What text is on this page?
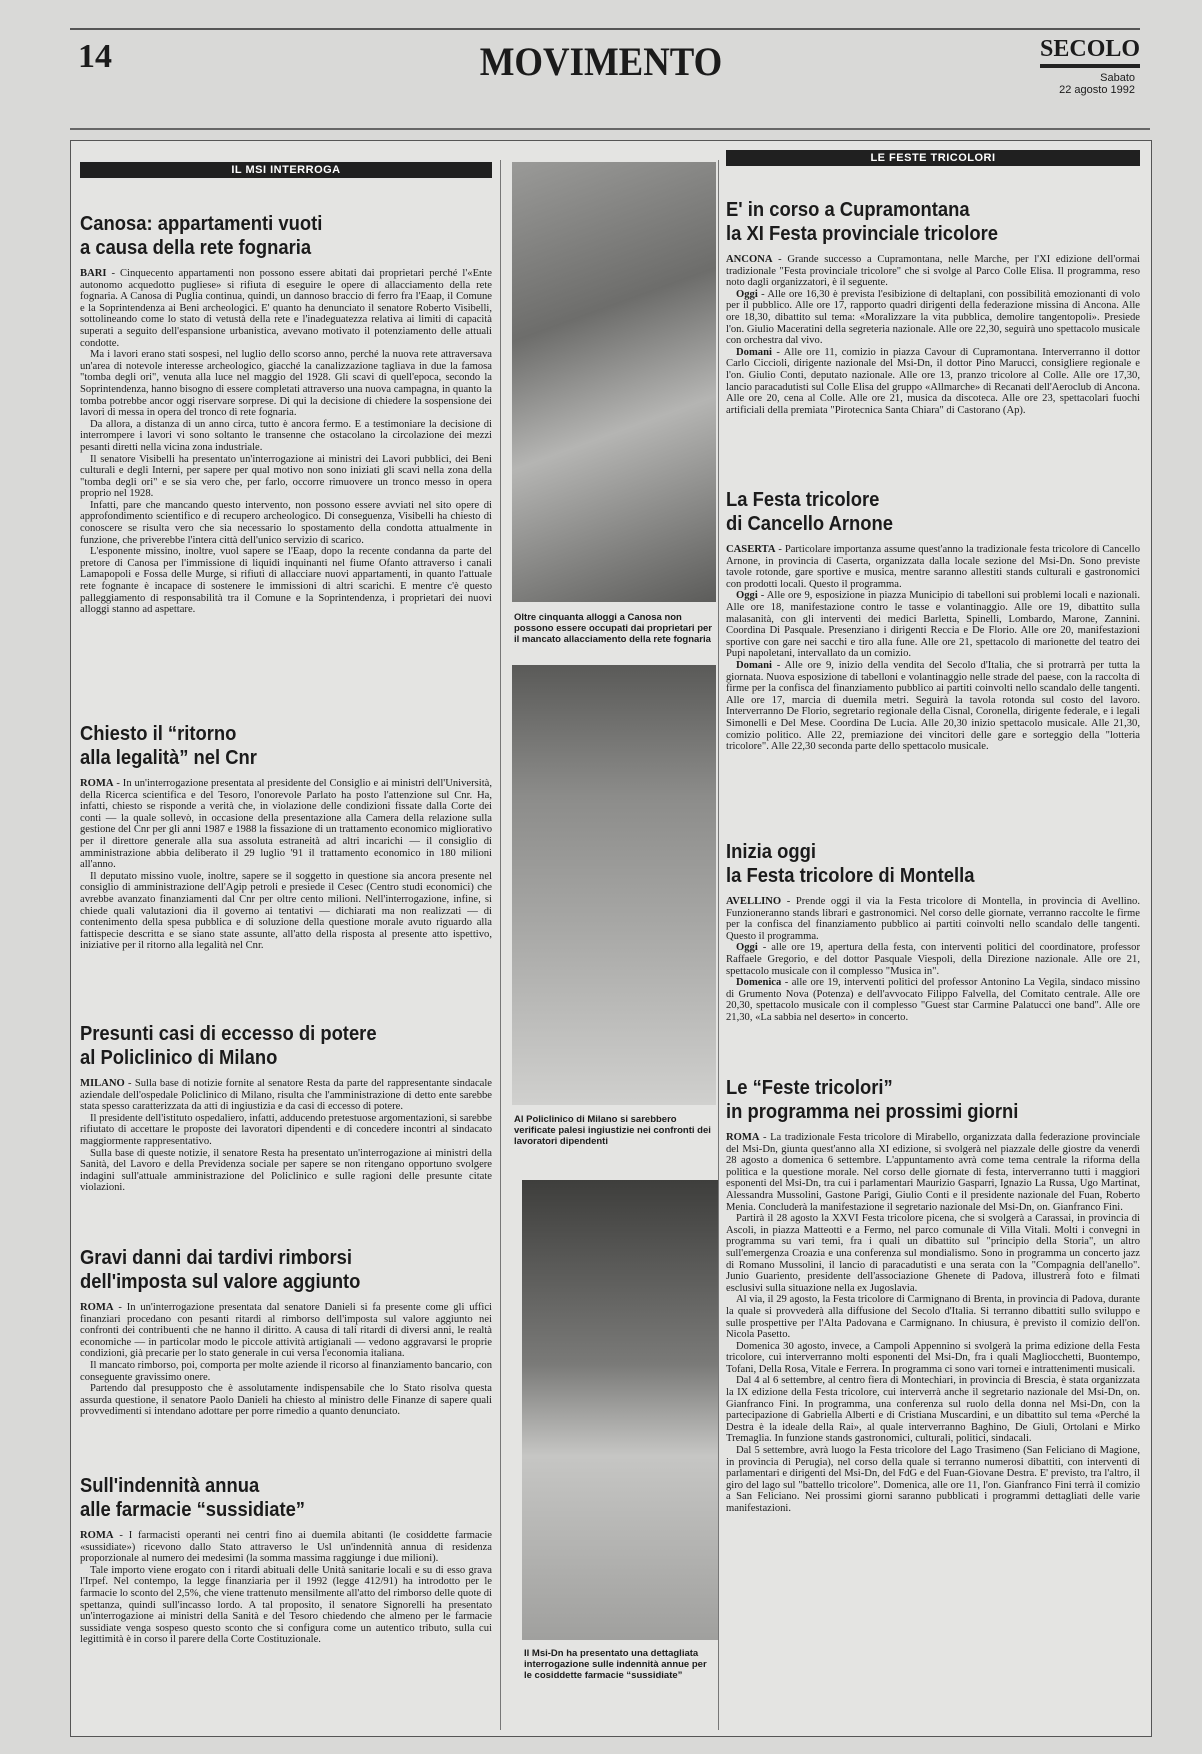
14	MOVIMENTO	SECOLO
Sabato
22 agosto 1992
IL MSI INTERROGA
LE FESTE TRICOLORI
Oltre cinquanta alloggi a Canosa non possono essere occupati dai proprietari per il mancato allacciamento della rete fognaria
Al Policlinico di Milano si sarebbero verificate palesi ingiustizie nei confronti dei lavoratori dipendenti
Il Msi-Dn ha presentato una dettagliata interrogazione sulle indennità annue per le cosiddette farmacie “sussidiate”
Canosa: appartamenti vuoti
a causa della rete fognaria

BARI - Cinquecento appartamenti non possono essere abitati dai proprietari perché l'«Ente autonomo acquedotto pugliese» si rifiuta di eseguire le opere di allacciamento della rete fognaria. A Canosa di Puglia continua, quindi, un dannoso braccio di ferro fra l'Eaap, il Comune e la Soprintendenza ai Beni archeologici. E' quanto ha denunciato il senatore Roberto Visibelli, sottolineando come lo stato di vetustà della rete e l'inadeguatezza relativa ai limiti di capacità superati a seguito dell'espansione urbanistica, avevano motivato il potenziamento delle attuali condotte.

Ma i lavori erano stati sospesi, nel luglio dello scorso anno, perché la nuova rete attraversava un'area di notevole interesse archeologico, giacché la canalizzazione tagliava in due la famosa "tomba degli ori", venuta alla luce nel maggio del 1928. Gli scavi di quell'epoca, secondo la Soprintendenza, hanno bisogno di essere completati attraverso una nuova campagna, in quanto la tomba potrebbe ancor oggi riservare sorprese. Di qui la decisione di chiedere la sospensione dei lavori di messa in opera del tronco di rete fognaria.

Da allora, a distanza di un anno circa, tutto è ancora fermo. E a testimoniare la decisione di interrompere i lavori vi sono soltanto le transenne che ostacolano la circolazione dei mezzi pesanti diretti nella vicina zona industriale.

Il senatore Visibelli ha presentato un'interrogazione ai ministri dei Lavori pubblici, dei Beni culturali e degli Interni, per sapere per qual motivo non sono iniziati gli scavi nella zona della "tomba degli ori" e se sia vero che, per farlo, occorre rimuovere un tronco messo in opera proprio nel 1928.

Infatti, pare che mancando questo intervento, non possono essere avviati nel sito opere di approfondimento scientifico e di recupero archeologico. Di conseguenza, Visibelli ha chiesto di conoscere se risulta vero che sia necessario lo spostamento della condotta attualmente in funzione, che priverebbe l'intera città dell'unico servizio di scarico.

L'esponente missino, inoltre, vuol sapere se l'Eaap, dopo la recente condanna da parte del pretore di Canosa per l'immissione di liquidi inquinanti nel fiume Ofanto attraverso i canali Lamapopoli e Fossa delle Murge, si rifiuti di allacciare nuovi appartamenti, in quanto l'attuale rete fognante è incapace di sostenere le immissioni di altri scarichi. E mentre c'è questo palleggiamento di responsabilità tra il Comune e la Soprintendenza, i proprietari dei nuovi alloggi stanno ad aspettare.

Chiesto il “ritorno
alla legalità” nel Cnr

ROMA - In un'interrogazione presentata al presidente del Consiglio e ai ministri dell'Università, della Ricerca scientifica e del Tesoro, l'onorevole Parlato ha posto l'attenzione sul Cnr. Ha, infatti, chiesto se risponde a verità che, in violazione delle condizioni fissate dalla Corte dei conti — la quale sollevò, in occasione della presentazione alla Camera della relazione sulla gestione del Cnr per gli anni 1987 e 1988 la fissazione di un trattamento economico migliorativo per il direttore generale alla sua assoluta estraneità ad altri incarichi — il consiglio di amministrazione abbia deliberato il 29 luglio '91 il trattamento economico in 180 milioni all'anno.

Il deputato missino vuole, inoltre, sapere se il soggetto in questione sia ancora presente nel consiglio di amministrazione dell'Agip petroli e presiede il Cesec (Centro studi economici) che avrebbe avanzato finanziamenti dal Cnr per oltre cento milioni. Nell'interrogazione, infine, si chiede quali valutazioni dia il governo ai tentativi — dichiarati ma non realizzati — di contenimento della spesa pubblica e di soluzione della questione morale avuto riguardo alla fattispecie descritta e se siano state assunte, all'atto della risposta al presente atto ispettivo, iniziative per il ritorno alla legalità nel Cnr.

Presunti casi di eccesso di potere
al Policlinico di Milano

MILANO - Sulla base di notizie fornite al senatore Resta da parte del rappresentante sindacale aziendale dell'ospedale Policlinico di Milano, risulta che l'amministrazione di detto ente sarebbe stata spesso caratterizzata da atti di ingiustizia e da casi di eccesso di potere.

Il presidente dell'istituto ospedaliero, infatti, adducendo pretestuose argomentazioni, si sarebbe rifiutato di accettare le proposte dei lavoratori dipendenti e di concedere incontri al sindacato maggiormente rappresentativo.

Sulla base di queste notizie, il senatore Resta ha presentato un'interrogazione ai ministri della Sanità, del Lavoro e della Previdenza sociale per sapere se non ritengano opportuno svolgere indagini sull'attuale amministrazione del Policlinico e sulle ragioni delle presunte citate violazioni.

Gravi danni dai tardivi rimborsi
dell'imposta sul valore aggiunto

ROMA - In un'interrogazione presentata dal senatore Danieli si fa presente come gli uffici finanziari procedano con pesanti ritardi al rimborso dell'imposta sul valore aggiunto nei confronti dei contribuenti che ne hanno il diritto. A causa di tali ritardi di diversi anni, le realtà economiche — in particolar modo le piccole attività artigianali — vedono aggravarsi le proprie condizioni, già precarie per lo stato generale in cui versa l'economia italiana.

Il mancato rimborso, poi, comporta per molte aziende il ricorso al finanziamento bancario, con conseguente gravissimo onere.

Partendo dal presupposto che è assolutamente indispensabile che lo Stato risolva questa assurda questione, il senatore Paolo Danieli ha chiesto al ministro delle Finanze di sapere quali provvedimenti si intendano adottare per porre rimedio a quanto denunciato.

Sull'indennità annua
alle farmacie “sussidiate”

ROMA - I farmacisti operanti nei centri fino ai duemila abitanti (le cosiddette farmacie «sussidiate») ricevono dallo Stato attraverso le Usl un'indennità annua di residenza proporzionale al numero dei medesimi (la somma massima raggiunge i due milioni).

Tale importo viene erogato con i ritardi abituali delle Unità sanitarie locali e su di esso grava l'Irpef. Nel contempo, la legge finanziaria per il 1992 (legge 412/91) ha introdotto per le farmacie lo sconto del 2,5%, che viene trattenuto mensilmente all'atto del rimborso delle quote di spettanza, quindi sull'incasso lordo. A tal proposito, il senatore Signorelli ha presentato un'interrogazione ai ministri della Sanità e del Tesoro chiedendo che almeno per le farmacie sussidiate venga sospeso questo sconto che si configura come un autentico tributo, sulla cui legittimità è in corso il parere della Corte Costituzionale.

E' in corso a Cupramontana
la XI Festa provinciale tricolore

ANCONA - Grande successo a Cupramontana, nelle Marche, per l'XI edizione dell'ormai tradizionale "Festa provinciale tricolore" che si svolge al Parco Colle Elisa. Il programma, reso noto dagli organizzatori, è il seguente.

Oggi - Alle ore 16,30 è prevista l'esibizione di deltaplani, con possibilità emozionanti di volo per il pubblico. Alle ore 17, rapporto quadri dirigenti della federazione missina di Ancona. Alle ore 18,30, dibattito sul tema: «Moralizzare la vita pubblica, demolire tangentopoli». Presiede l'on. Giulio Maceratini della segreteria nazionale. Alle ore 22,30, seguirà uno spettacolo musicale con orchestra dal vivo.

Domani - Alle ore 11, comizio in piazza Cavour di Cupramontana. Interverranno il dottor Carlo Ciccioli, dirigente nazionale del Msi-Dn, il dottor Pino Marucci, consigliere regionale e l'on. Giulio Conti, deputato nazionale. Alle ore 13, pranzo tricolore al Colle. Alle ore 17,30, lancio paracadutisti sul Colle Elisa del gruppo «Allmarche» di Recanati dell'Aeroclub di Ancona. Alle ore 20, cena al Colle. Alle ore 21, musica da discoteca. Alle ore 23, spettacolari fuochi artificiali della premiata "Pirotecnica Santa Chiara" di Castorano (Ap).

La Festa tricolore
di Cancello Arnone

CASERTA - Particolare importanza assume quest'anno la tradizionale festa tricolore di Cancello Arnone, in provincia di Caserta, organizzata dalla locale sezione del Msi-Dn. Sono previste tavole rotonde, gare sportive e musica, mentre saranno allestiti stands culturali e gastronomici con prodotti locali. Questo il programma.

Oggi - Alle ore 9, esposizione in piazza Municipio di tabelloni sui problemi locali e nazionali. Alle ore 18, manifestazione contro le tasse e volantinaggio. Alle ore 19, dibattito sulla malasanità, con gli interventi dei medici Barletta, Spinelli, Lombardo, Marone, Zannini. Coordina Di Pasquale. Presenziano i dirigenti Reccia e De Florio. Alle ore 20, manifestazioni sportive con gare nei sacchi e tiro alla fune. Alle ore 21, spettacolo di marionette del teatro dei Pupi napoletani, intervallato da un comizio.

Domani - Alle ore 9, inizio della vendita del Secolo d'Italia, che si protrarrà per tutta la giornata. Nuova esposizione di tabelloni e volantinaggio nelle strade del paese, con la raccolta di firme per la confisca del finanziamento pubblico ai partiti coinvolti nello scandalo delle tangenti. Alle ore 17, marcia di duemila metri. Seguirà la tavola rotonda sul costo del lavoro. Interverranno De Florio, segretario regionale della Cisnal, Coronella, dirigente federale, e i legali Simonelli e Del Mese. Coordina De Lucia. Alle 20,30 inizio spettacolo musicale. Alle 21,30, comizio politico. Alle 22, premiazione dei vincitori delle gare e sorteggio della "lotteria tricolore". Alle 22,30 seconda parte dello spettacolo musicale.

Inizia oggi
la Festa tricolore di Montella

AVELLINO - Prende oggi il via la Festa tricolore di Montella, in provincia di Avellino. Funzioneranno stands librari e gastronomici. Nel corso delle giornate, verranno raccolte le firme per la confisca del finanziamento pubblico ai partiti coinvolti nello scandalo delle tangenti. Questo il programma.

Oggi - alle ore 19, apertura della festa, con interventi politici del coordinatore, professor Raffaele Gregorio, e del dottor Pasquale Viespoli, della Direzione nazionale. Alle ore 21, spettacolo musicale con il complesso "Musica in".

Domenica - alle ore 19, interventi politici del professor Antonino La Vegila, sindaco missino di Grumento Nova (Potenza) e dell'avvocato Filippo Falvella, del Comitato centrale. Alle ore 20,30, spettacolo musicale con il complesso "Guest star Carmine Palatucci one band". Alle ore 21,30, «La sabbia nel deserto» in concerto.

Le “Feste tricolori”
in programma nei prossimi giorni

ROMA - La tradizionale Festa tricolore di Mirabello, organizzata dalla federazione provinciale del Msi-Dn, giunta quest'anno alla XI edizione, si svolgerà nel piazzale delle giostre da venerdì 28 agosto a domenica 6 settembre. L'appuntamento avrà come tema centrale la riforma della politica e la questione morale. Nel corso delle giornate di festa, interverranno tutti i maggiori esponenti del Msi-Dn, tra cui i parlamentari Maurizio Gasparri, Ignazio La Russa, Ugo Martinat, Alessandra Mussolini, Gastone Parigi, Giulio Conti e il presidente nazionale del Fuan, Roberto Menia. Concluderà la manifestazione il segretario nazionale del Msi-Dn, on. Gianfranco Fini.

Partirà il 28 agosto la XXVI Festa tricolore picena, che si svolgerà a Carassai, in provincia di Ascoli, in piazza Matteotti e a Fermo, nel parco comunale di Villa Vitali. Molti i convegni in programma su vari temi, fra i quali un dibattito sul "principio della Storia", un altro sull'emergenza Croazia e una conferenza sul mondialismo. Sono in programma un concerto jazz di Romano Mussolini, il lancio di paracadutisti e una serata con la "Compagnia dell'anello". Junio Guariento, presidente dell'associazione Ghenete di Padova, illustrerà foto e filmati esclusivi sulla situazione nella ex Jugoslavia.

Al via, il 29 agosto, la Festa tricolore di Carmignano di Brenta, in provincia di Padova, durante la quale si provvederà alla diffusione del Secolo d'Italia. Si terranno dibattiti sullo sviluppo e sulle prospettive per l'Alta Padovana e Carmignano. In chiusura, è previsto il comizio dell'on. Nicola Pasetto.

Domenica 30 agosto, invece, a Campoli Appennino si svolgerà la prima edizione della Festa tricolore, cui interverranno molti esponenti del Msi-Dn, fra i quali Magliocchetti, Buontempo, Tofani, Della Rosa, Vitale e Ferrera. In programma ci sono vari tornei e intrattenimenti musicali.

Dal 4 al 6 settembre, al centro fiera di Montechiari, in provincia di Brescia, è stata organizzata la IX edizione della Festa tricolore, cui interverrà anche il segretario nazionale del Msi-Dn, on. Gianfranco Fini. In programma, una conferenza sul ruolo della donna nel Msi-Dn, con la partecipazione di Gabriella Alberti e di Cristiana Muscardini, e un dibattito sul tema «Perché la Destra è la ideale della Rai», al quale interverranno Baghino, De Giuli, Ortolani e Mirko Tremaglia. In funzione stands gastronomici, culturali, politici, sindacali.

Dal 5 settembre, avrà luogo la Festa tricolore del Lago Trasimeno (San Feliciano di Magione, in provincia di Perugia), nel corso della quale si terranno numerosi dibattiti, con interventi di parlamentari e dirigenti del Msi-Dn, del FdG e del Fuan-Giovane Destra. E' previsto, tra l'altro, il giro del lago sul "battello tricolore". Domenica, alle ore 11, l'on. Gianfranco Fini terrà il comizio a San Feliciano. Nei prossimi giorni saranno pubblicati i programmi dettagliati delle varie manifestazioni.
